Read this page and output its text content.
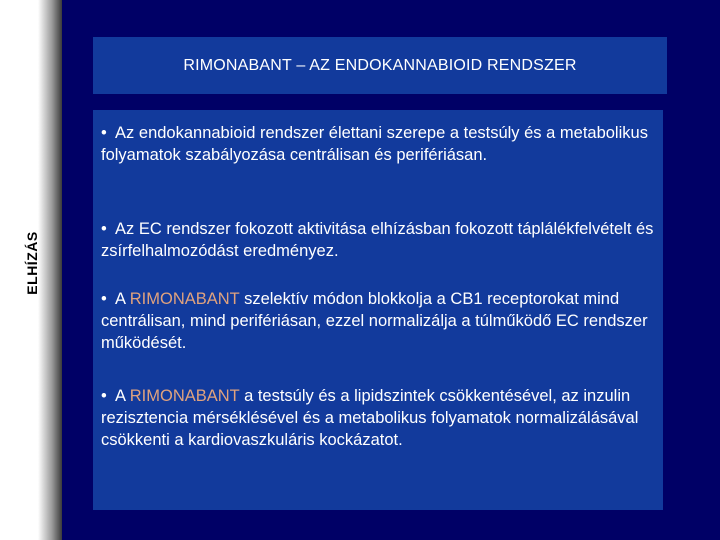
ELHÍZÁS
RIMONABANT – AZ ENDOKANNABIOID RENDSZER
• Az endokannabioid rendszer élettani szerepe a testsúly és a metabolikus folyamatok szabályozása centrálisan és perifériásan.
• Az EC rendszer fokozott aktivitása elhízásban fokozott táplálékfelvételt és zsírfelhalmozódást eredményez.
• A RIMONABANT szelektív módon blokkolja a CB1 receptorokat mind centrálisan, mind perifériásan, ezzel normalizálja a túlműködő EC rendszer működését.
• A RIMONABANT a testsúly és a lipidszintek csökkentésével, az inzulin rezisztencia mérséklésével és a metabolikus folyamatok normalizálásával csökkenti a kardiovaszkuláris kockázatot.
